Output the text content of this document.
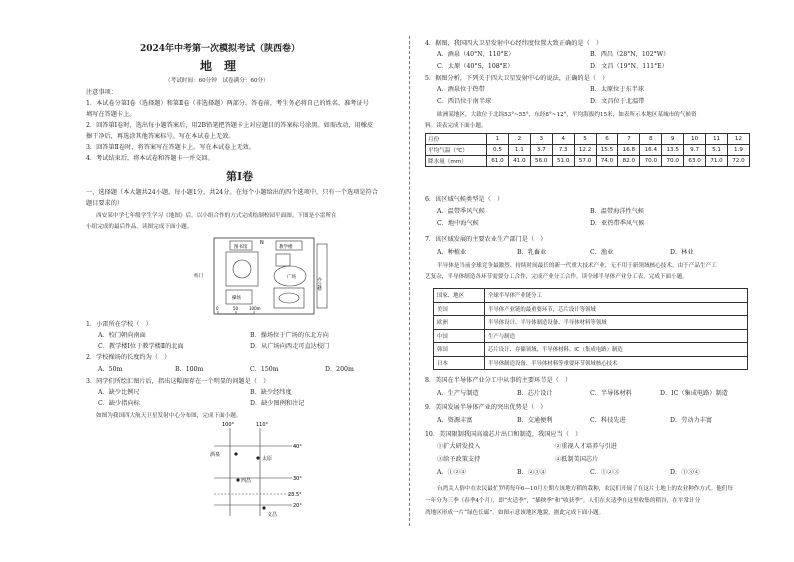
2024年中考第一次模拟考试（陕西卷）
地　理
（考试时间：60分钟　试卷满分：60分）
注意事项：
1．本试卷分第Ⅰ卷（选择题）和第Ⅱ卷（非选择题）两部分。答卷前，考生务必将自己的姓名、准考证号
填写在答题卡上。
2．回答第Ⅰ卷时，选出每小题答案后，用2B铅笔把答题卡上对应题目的答案标号涂黑。如需改动，用橡皮
擦干净后，再选涂其他答案标号。写在本试卷上无效。
3．回答第Ⅱ卷时，将答案写在答题卡上。写在本试卷上无效。
4．考试结束后，将本试卷和答题卡一并交回。
第Ⅰ卷
一、选择题（本大题共24小题，每小题1分，共24分。在每个小题给出的四个选项中，只有一个选项是符合
题目要求的）
西安某中学七年级学生学习《地图》后，以小组合作的方式完成绘制校园平面图。下图是小雷所在
小组完成的最后作品。读图完成下面小题。
图书馆	教学楼
广场
操场
校门
办公楼
N
0	50	100m
1．小雷所在学校（　）
A．校门朝向南面	B．操场位于广场的东北方向
C．教学楼Ⅰ位于教学楼Ⅱ的北面	D．从广场向西走可直达校门
2．学校操场的长度约为（　）
A．50m	B．100m	C．150m	D．200m
3．同学们所绘汇图片后，指出这幅图存在一个明显的问题是（　）
A．缺少比例尺	B．缺少经纬度
C．缺少指向标	D．缺少图例和注记
如图为我国四大航天卫星发射中心分布图，完成下面小题。
100°	110°
40°
30°
23.5°
20°
酒泉
太原
西昌
文昌
4．据图，我国四大卫星发射中心经纬度位置大致正确的是（　）
A．酒泉（40°N，110°E）	B．西昌（28°N，102°W）
C．太原（40°S，108°E）	D．文昌（19°N，111°E）
5．据图分析，下列关于四大卫星发射中心的说法，正确的是（　）
A．酒泉位于热带	B．太原位于东半球
C．西昌位于南半球	D．文昌位于北温带
欧洲某地区，大致位于北纬53°~55°，东经8°~12°，平均海拔约15米，如表所示本地区某城市的气候资
料。读表完成下面小题。
月份	1	2	3	4	5	6	7	8	9	10	11	12
平均气温（℃）	0.5	1.1	3.7	7.3	12.2	15.5	16.8	16.4	13.5	9.7	5.1	1.9
降水量（mm）	61.0	41.0	56.0	51.0	57.0	74.0	82.0	70.0	70.0	63.0	71.0	72.0
6．该区域气候类型是（　）
A．温带季风气候	B．温带海洋性气候
C．地中海气候	D．亚热带季风气候
7．该区域发展的主要农业生产部门是（　）
A．种植业	B．乳畜业	C．渔业	D．林业
半导体是当前全球竞争最激烈、持续时间最长的新一代重大技术产业，无不用于新领域核心技术。由于产品生产工
艺复杂，半导体制造各环节需要分工合作，完成产业分工合作。读全球半导体产业分工表，完成下面小题。
国家、地区	全球半导体产业链分工
美国	半导体产业链的最重要环节，芯片设计等领域
欧洲	半导体设计、半导体制造设备、半导体材料等领域
中国	生产与制造
韩国	芯片设计、存储领域、半导体材料、IC（集成电路）制造
日本	半导体制造设备、半导体材料等重要环节领域核心技术
8．美国在半导体产业分工中从事的主要环节是（　）
A．生产与制造	B．芯片设计	C．半导体材料	D．IC（集成电路）制造
9．美国发展半导体产业的突出优势是（　）
A．资源丰富	B．交通便利	C．科技先进	D．劳动力丰富
10．美国限制我国高端芯片出口和制造，我国应当（　）
①扩大研发投入	②重视人才培养与引进
③给予政策支持	④抵制美国芯片
A．①②④	B．②③④	C．①②③	D．①③④
台湾关人俗中在农民最忙罗明每年6—10月左期左该地方稻的栽种，农民们开展了在这片土地上的农业种作方式。他们每
一年分为三季（春季4个月），即“火适季”，“插秧季”和“收获季”。人们在火适季在这里收集的稻谷，在平常计分
湾地区形成一片“绿色长廊”。如图示意该地区地貌，据此完成下面小题。
